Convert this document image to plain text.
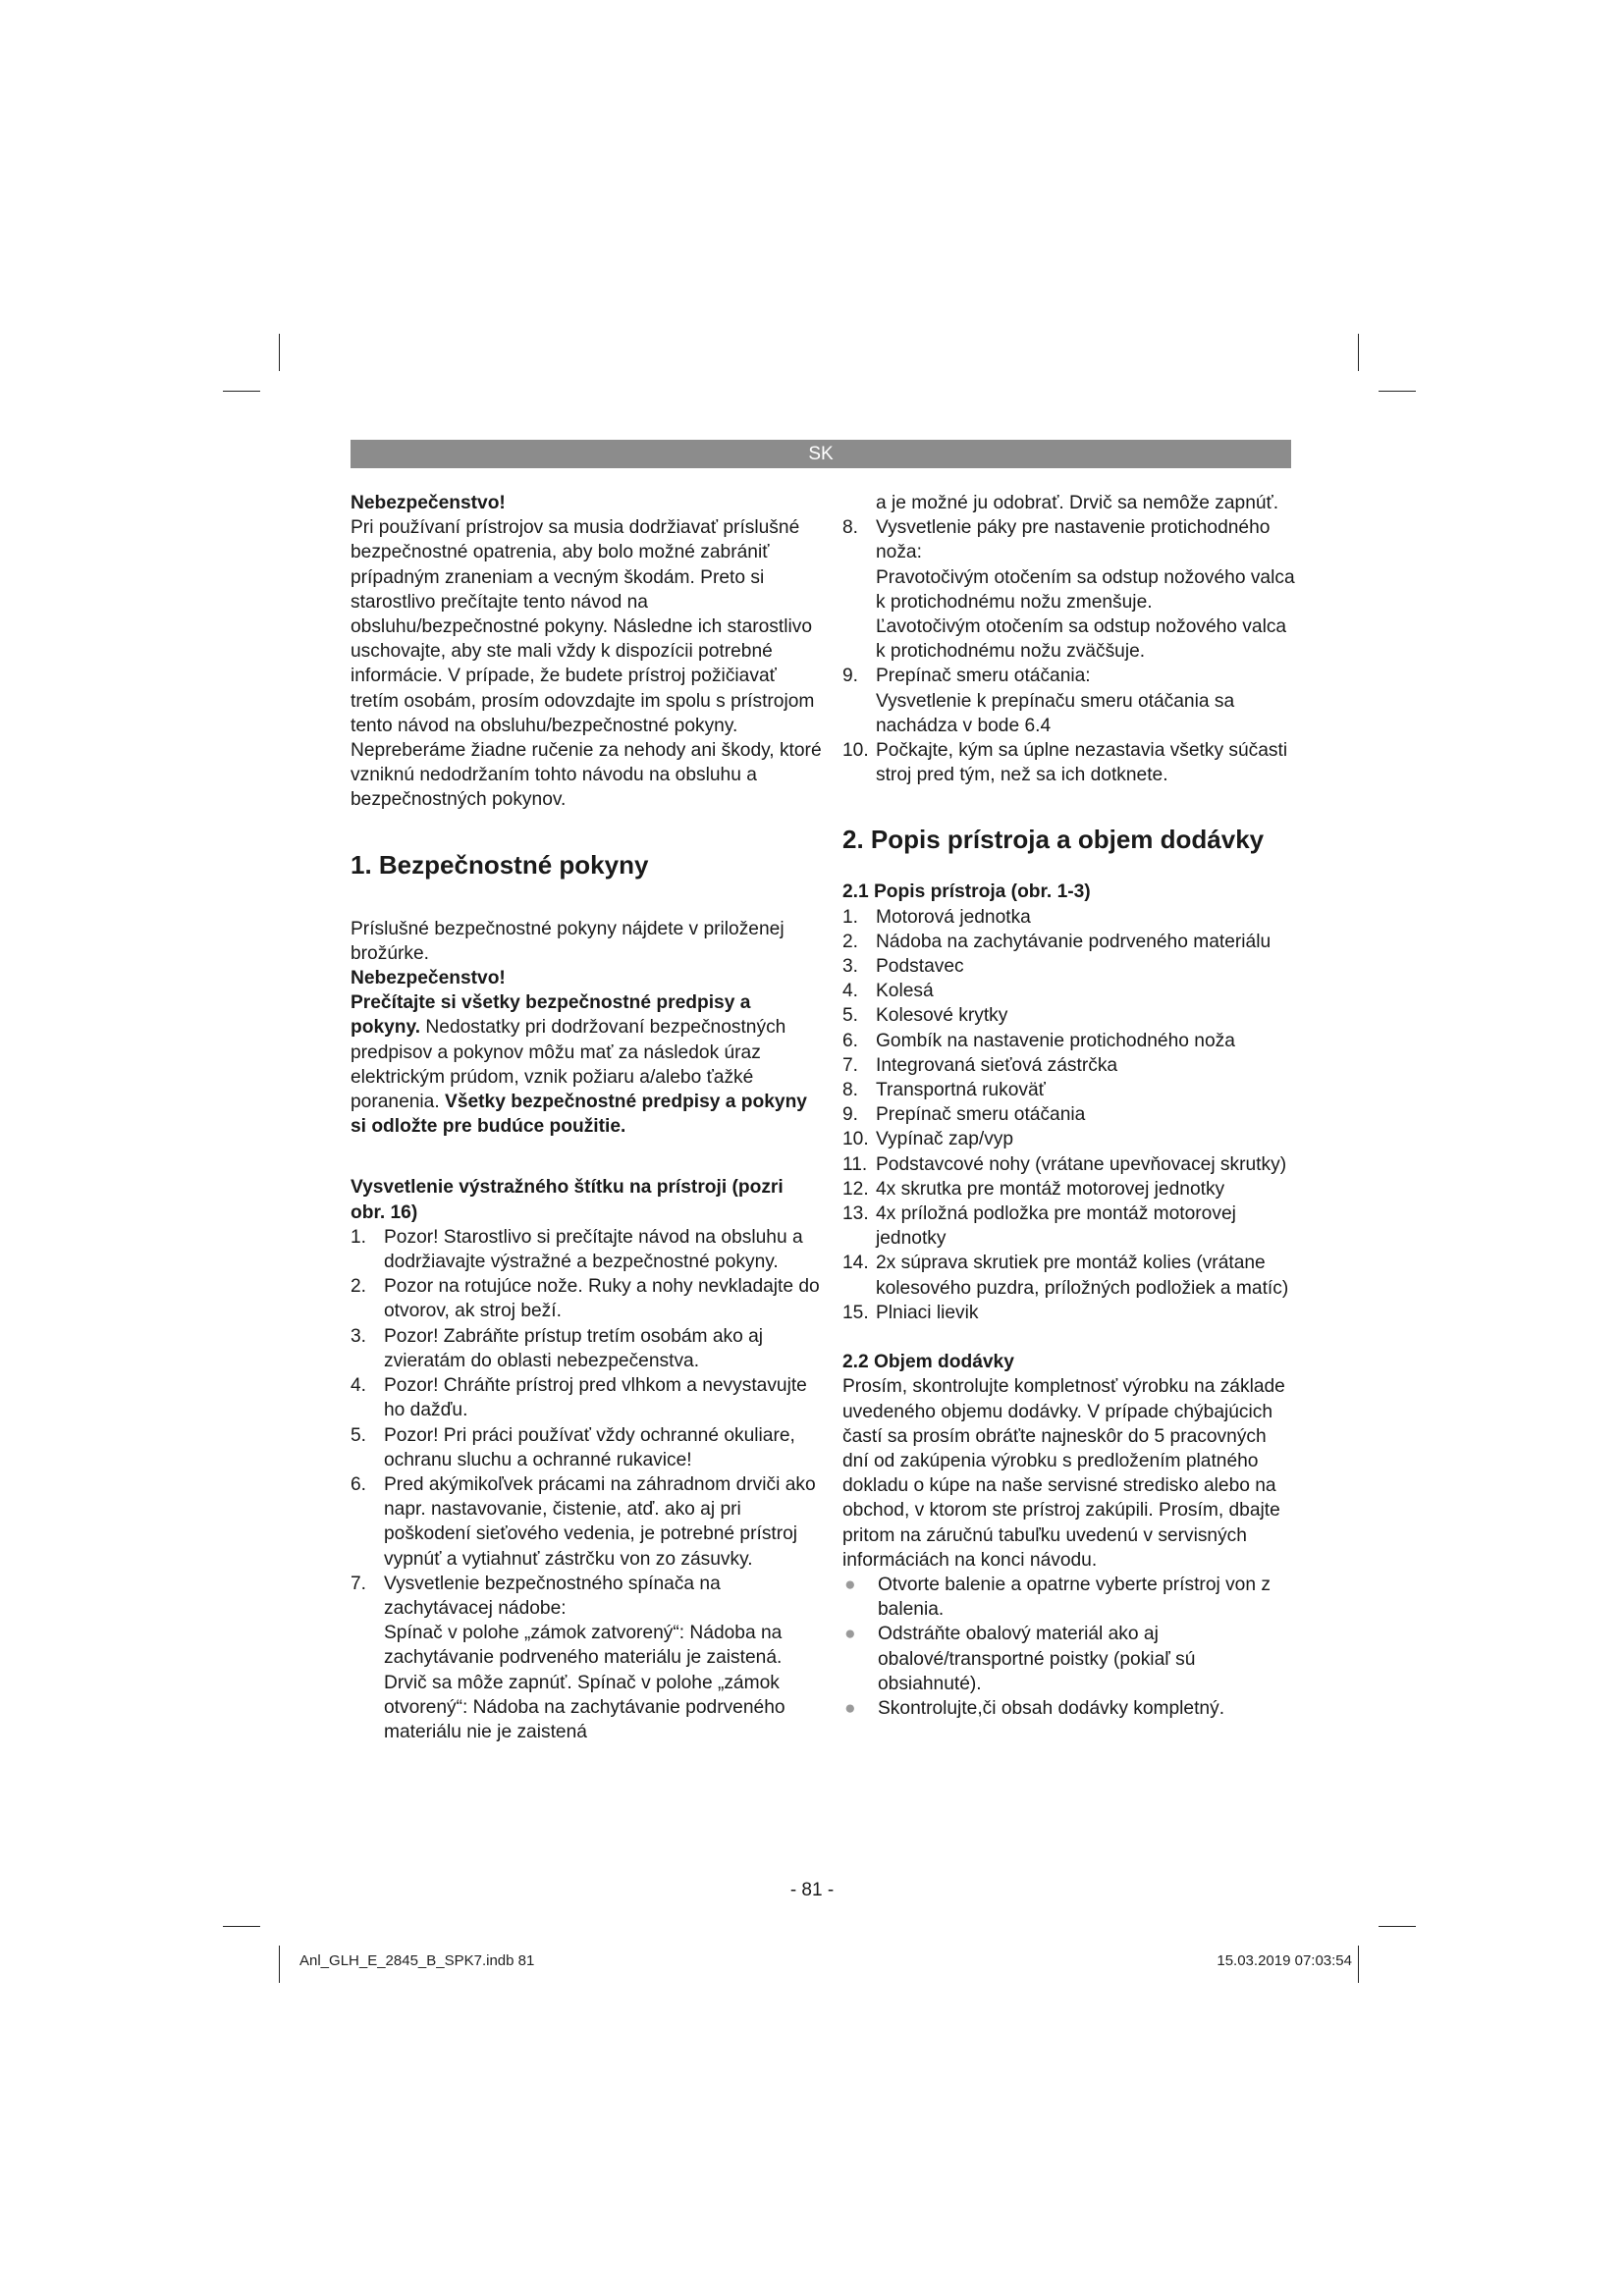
SK

Nebezpečenstvo!

Pri používaní prístrojov sa musia dodržiavať príslušné bezpečnostné opatrenia, aby bolo možné zabrániť prípadným zraneniam a vecným škodám. Preto si starostlivo prečítajte tento návod na obsluhu/bezpečnostné pokyny. Následne ich starostlivo uschovajte, aby ste mali vždy k dispozícii potrebné informácie. V prípade, že budete prístroj požičiavať tretím osobám, prosím odovzdajte im spolu s prístrojom tento návod na obsluhu/bezpečnostné pokyny. Nepreberáme žiadne ručenie za nehody ani škody, ktoré vzniknú nedodržaním tohto návodu na obsluhu a bezpečnostných pokynov.

1. Bezpečnostné pokyny

Príslušné bezpečnostné pokyny nájdete v priloženej brožúrke.

Nebezpečenstvo!

Prečítajte si všetky bezpečnostné predpisy a pokyny. Nedostatky pri dodržovaní bezpečnostných predpisov a pokynov môžu mať za následok úraz elektrickým prúdom, vznik požiaru a/alebo ťažké poranenia. Všetky bezpečnostné predpisy a pokyny si odložte pre budúce použitie.

Vysvetlenie výstražného štítku na prístroji (pozri obr. 16)

1. Pozor! Starostlivo si prečítajte návod na obsluhu a dodržiavajte výstražné a bezpečnostné pokyny.
2. Pozor na rotujúce nože. Ruky a nohy nevkladajte do otvorov, ak stroj beží.
3. Pozor! Zabráňte prístup tretím osobám ako aj zvieratám do oblasti nebezpečenstva.
4. Pozor! Chráňte prístroj pred vlhkom a nevystavujte ho dažďu.
5. Pozor! Pri práci používať vždy ochranné okuliare, ochranu sluchu a ochranné rukavice!
6. Pred akýmikoľvek prácami na záhradnom drviči ako napr. nastavovanie, čistenie, atď. ako aj pri poškodení sieťového vedenia, je potrebné prístroj vypnúť a vytiahnuť zástrčku von zo zásuvky.
7. Vysvetlenie bezpečnostného spínača na zachytávacej nádobe:
Spínač v polohe „zámok zatvorený“: Nádoba na zachytávanie podrveného materiálu je zaistená. Drvič sa môže zapnúť. Spínač v polohe „zámok otvorený“: Nádoba na zachytávanie podrveného materiálu nie je zaistená
a je možné ju odobrať. Drvič sa nemôže zapnúť.
8. Vysvetlenie páky pre nastavenie protichodného noža:
Pravotočivým otočením sa odstup nožového valca k protichodnému nožu zmenšuje.
Ľavotočivým otočením sa odstup nožového valca k protichodnému nožu zväčšuje.
9. Prepínač smeru otáčania:
Vysvetlenie k prepínaču smeru otáčania sa nachádza v bode 6.4
10. Počkajte, kým sa úplne nezastavia všetky súčasti stroj pred tým, než sa ich dotknete.
2. Popis prístroja a objem dodávky

2.1 Popis prístroja (obr. 1-3)

1. Motorová jednotka
2. Nádoba na zachytávanie podrveného materiálu
3. Podstavec
4. Kolesá
5. Kolesové krytky
6. Gombík na nastavenie protichodného noža
7. Integrovaná sieťová zástrčka
8. Transportná rukoväť
9. Prepínač smeru otáčania
10. Vypínač zap/vyp
11. Podstavcové nohy (vrátane upevňovacej skrutky)
12. 4x skrutka pre montáž motorovej jednotky
13. 4x príložná podložka pre montáž motorovej jednotky
14. 2x súprava skrutiek pre montáž kolies (vrátane kolesového puzdra, príložných podložiek a matíc)
15. Plniaci lievik

2.2 Objem dodávky

Prosím, skontrolujte kompletnosť výrobku na základe uvedeného objemu dodávky. V prípade chýbajúcich častí sa prosím obráťte najneskôr do 5 pracovných dní od zakúpenia výrobku s predložením platného dokladu o kúpe na naše servisné stredisko alebo na obchod, v ktorom ste prístroj zakúpili. Prosím, dbajte pritom na záručnú tabuľku uvedenú v servisných informáciách na konci návodu.

●	Otvorte balenie a opatrne vyberte prístroj von z balenia.
●	Odstráňte obalový materiál ako aj obalové/transportné poistky (pokiaľ sú obsiahnuté).
●	Skontrolujte,či obsah dodávky kompletný.
- 81 -
Anl_GLH_E_2845_B_SPK7.indb 81	15.03.2019 07:03:54
